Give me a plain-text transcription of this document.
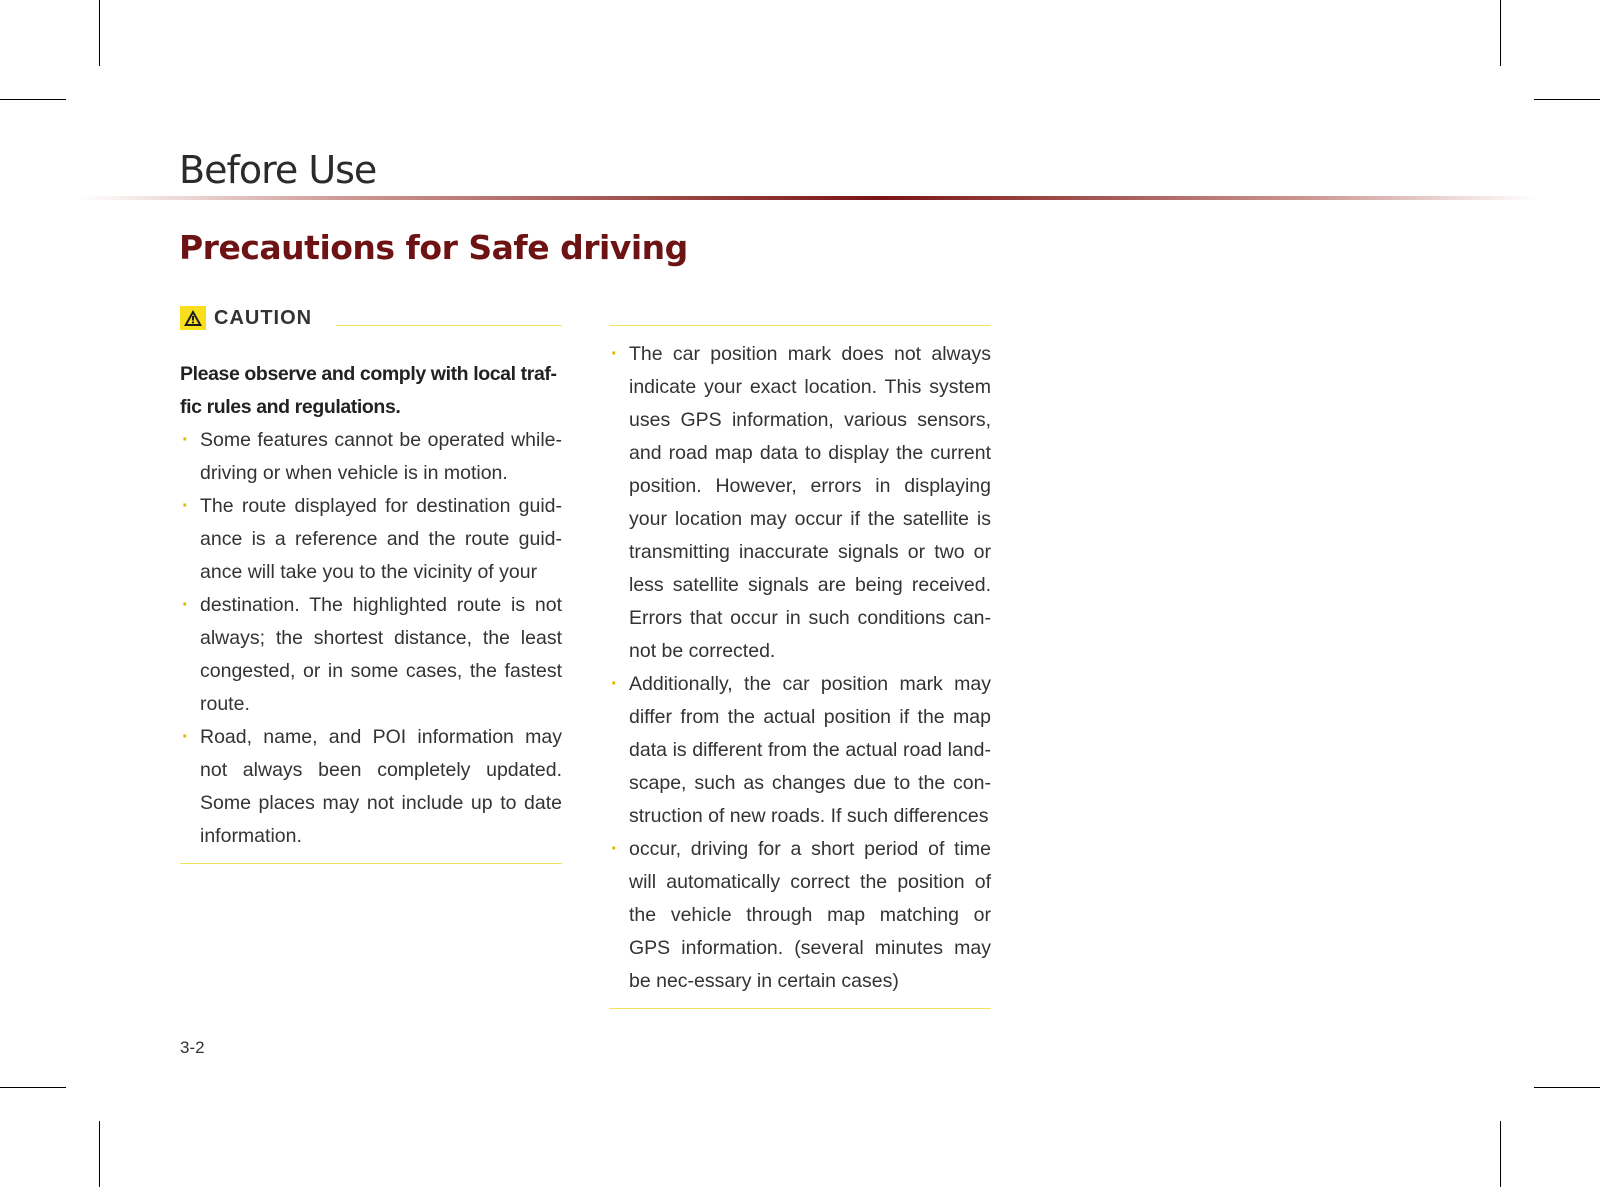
Before Use
Precautions for Safe driving

Please observe and comply with local traf-fic rules and regulations.

· Some features cannot be operated while-driving or when vehicle is in motion.
· The route displayed for destination guid-ance is a reference and the route guid-ance will take you to the vicinity of your
· destination. The highlighted route is not always; the shortest distance, the least congested, or in some cases, the fastest route.
· Road, name, and POI information may not always been completely updated. Some places may not include up to date information.
CAUTION
· The car position mark does not always indicate your exact location. This system uses GPS information, various sensors, and road map data to display the current position. However, errors in displaying your location may occur if the satellite is transmitting inaccurate signals or two or less satellite signals are being received. Errors that occur in such conditions can-not be corrected.
· Additionally, the car position mark may differ from the actual position if the map data is different from the actual road land-scape, such as changes due to the con-struction of new roads. If such differences
· occur, driving for a short period of time will automatically correct the position of the vehicle through map matching or GPS information. (several minutes may be nec-essary in certain cases)
3-2
